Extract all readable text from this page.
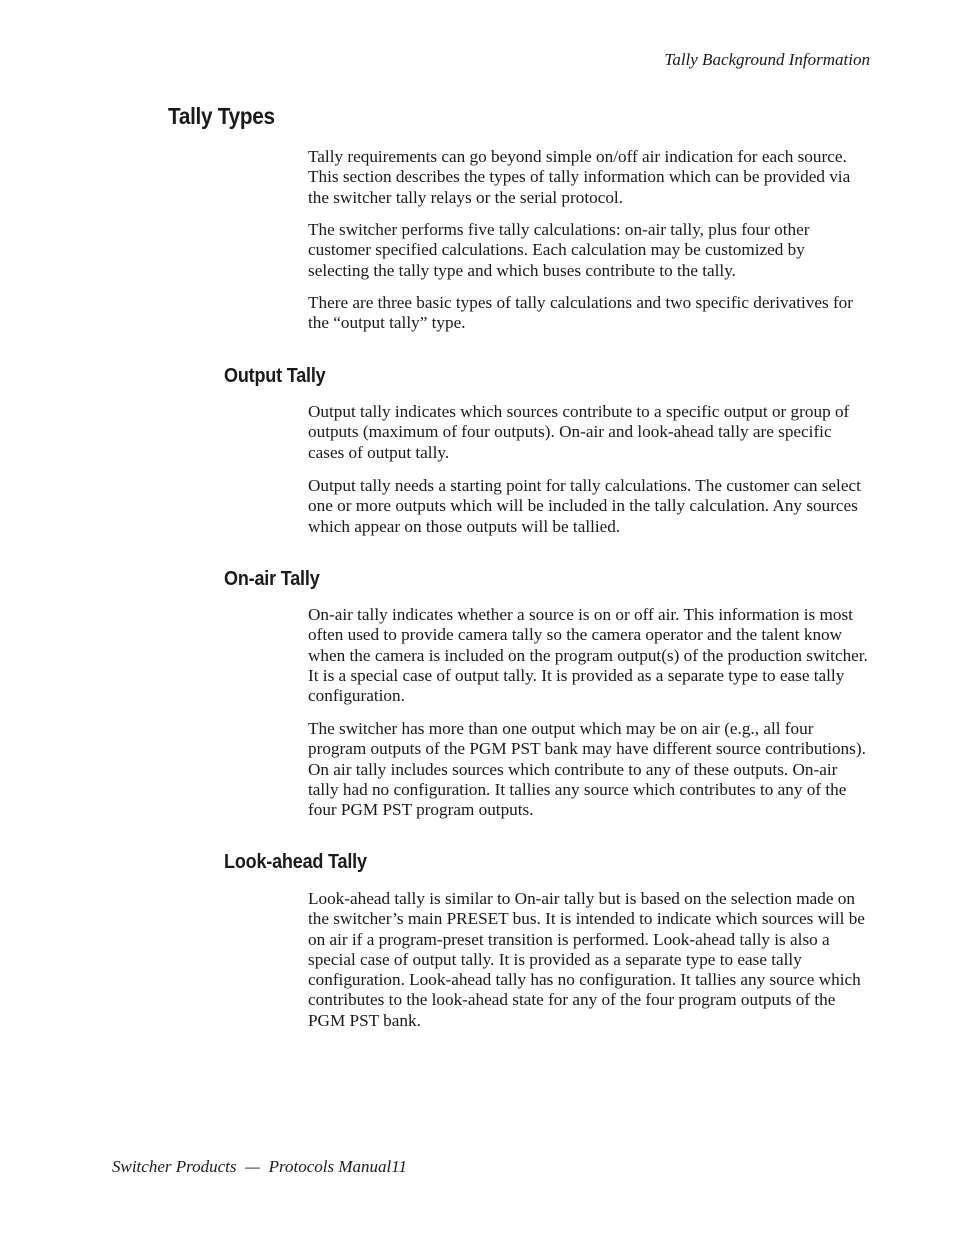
Tally Background Information
Tally Types

Tally requirements can go beyond simple on/off air indication for each source. This section describes the types of tally information which can be provided via the switcher tally relays or the serial protocol.

The switcher performs five tally calculations: on-air tally, plus four other customer specified calculations. Each calculation may be customized by selecting the tally type and which buses contribute to the tally.

There are three basic types of tally calculations and two specific derivatives for the “output tally” type.

Output Tally

Output tally indicates which sources contribute to a specific output or group of outputs (maximum of four outputs). On-air and look-ahead tally are specific cases of output tally.

Output tally needs a starting point for tally calculations. The customer can select one or more outputs which will be included in the tally calculation. Any sources which appear on those outputs will be tallied.

On-air Tally

On-air tally indicates whether a source is on or off air. This information is most often used to provide camera tally so the camera operator and the talent know when the camera is included on the program output(s) of the production switcher. It is a special case of output tally. It is provided as a separate type to ease tally configuration.

The switcher has more than one output which may be on air (e.g., all four program outputs of the PGM PST bank may have different source contributions). On air tally includes sources which contribute to any of these outputs. On-air tally had no configuration. It tallies any source which contributes to any of the four PGM PST program outputs.

Look-ahead Tally

Look-ahead tally is similar to On-air tally but is based on the selection made on the switcher’s main PRESET bus. It is intended to indicate which sources will be on air if a program-preset transition is performed. Look-ahead tally is also a special case of output tally. It is provided as a separate type to ease tally configuration. Look-ahead tally has no configuration. It tallies any source which contributes to the look-ahead state for any of the four program outputs of the PGM PST bank.

Switcher Products  —  Protocols Manual11
